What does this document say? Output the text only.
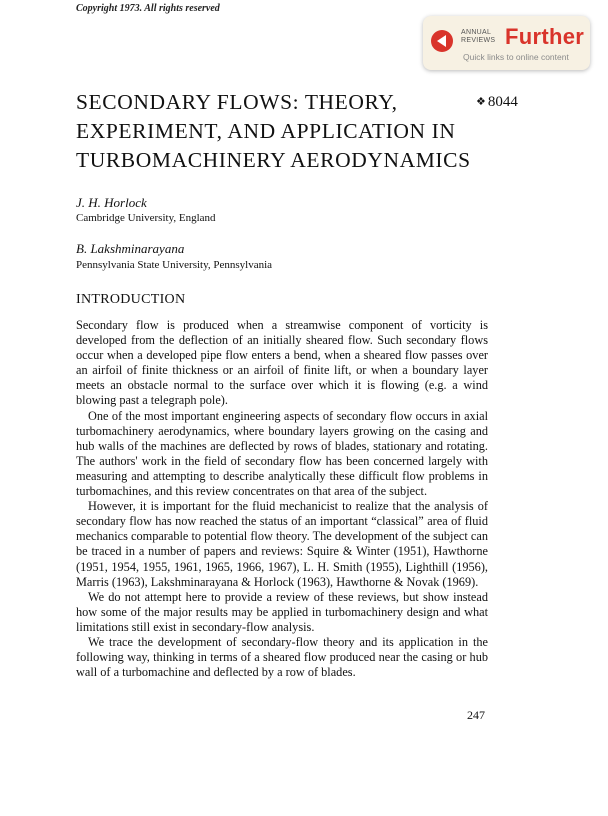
Copyright 1973. All rights reserved
ANNUAL
REVIEWS Further
Quick links to online content
❖ 8044
SECONDARY FLOWS: THEORY,
EXPERIMENT, AND APPLICATION IN
TURBOMACHINERY AERODYNAMICS
J. H. Horlock
Cambridge University, England
B. Lakshminarayana
Pennsylvania State University, Pennsylvania
INTRODUCTION

Secondary flow is produced when a streamwise component of vorticity is developed from the deflection of an initially sheared flow. Such secondary flows occur when a developed pipe flow enters a bend, when a sheared flow passes over an airfoil of finite thickness or an airfoil of finite lift, or when a boundary layer meets an obstacle normal to the surface over which it is flowing (e.g. a wind blowing past a telegraph pole).

One of the most important engineering aspects of secondary flow occurs in axial turbomachinery aerodynamics, where boundary layers growing on the casing and hub walls of the machines are deflected by rows of blades, stationary and rotating. The authors' work in the field of secondary flow has been concerned largely with measuring and attempting to describe analytically these difficult flow problems in turbomachines, and this review concentrates on that area of the subject.

However, it is important for the fluid mechanicist to realize that the analysis of secondary flow has now reached the status of an important “classical” area of fluid mechanics comparable to potential flow theory. The development of the subject can be traced in a number of papers and reviews: Squire & Winter (1951), Hawthorne (1951, 1954, 1955, 1961, 1965, 1966, 1967), L. H. Smith (1955), Lighthill (1956), Marris (1963), Lakshminarayana & Horlock (1963), Hawthorne & Novak (1969).

We do not attempt here to provide a review of these reviews, but show instead how some of the major results may be applied in turbomachinery design and what limitations still exist in secondary-flow analysis.

We trace the development of secondary-flow theory and its application in the following way, thinking in terms of a sheared flow produced near the casing or hub wall of a turbomachine and deflected by a row of blades.

247
